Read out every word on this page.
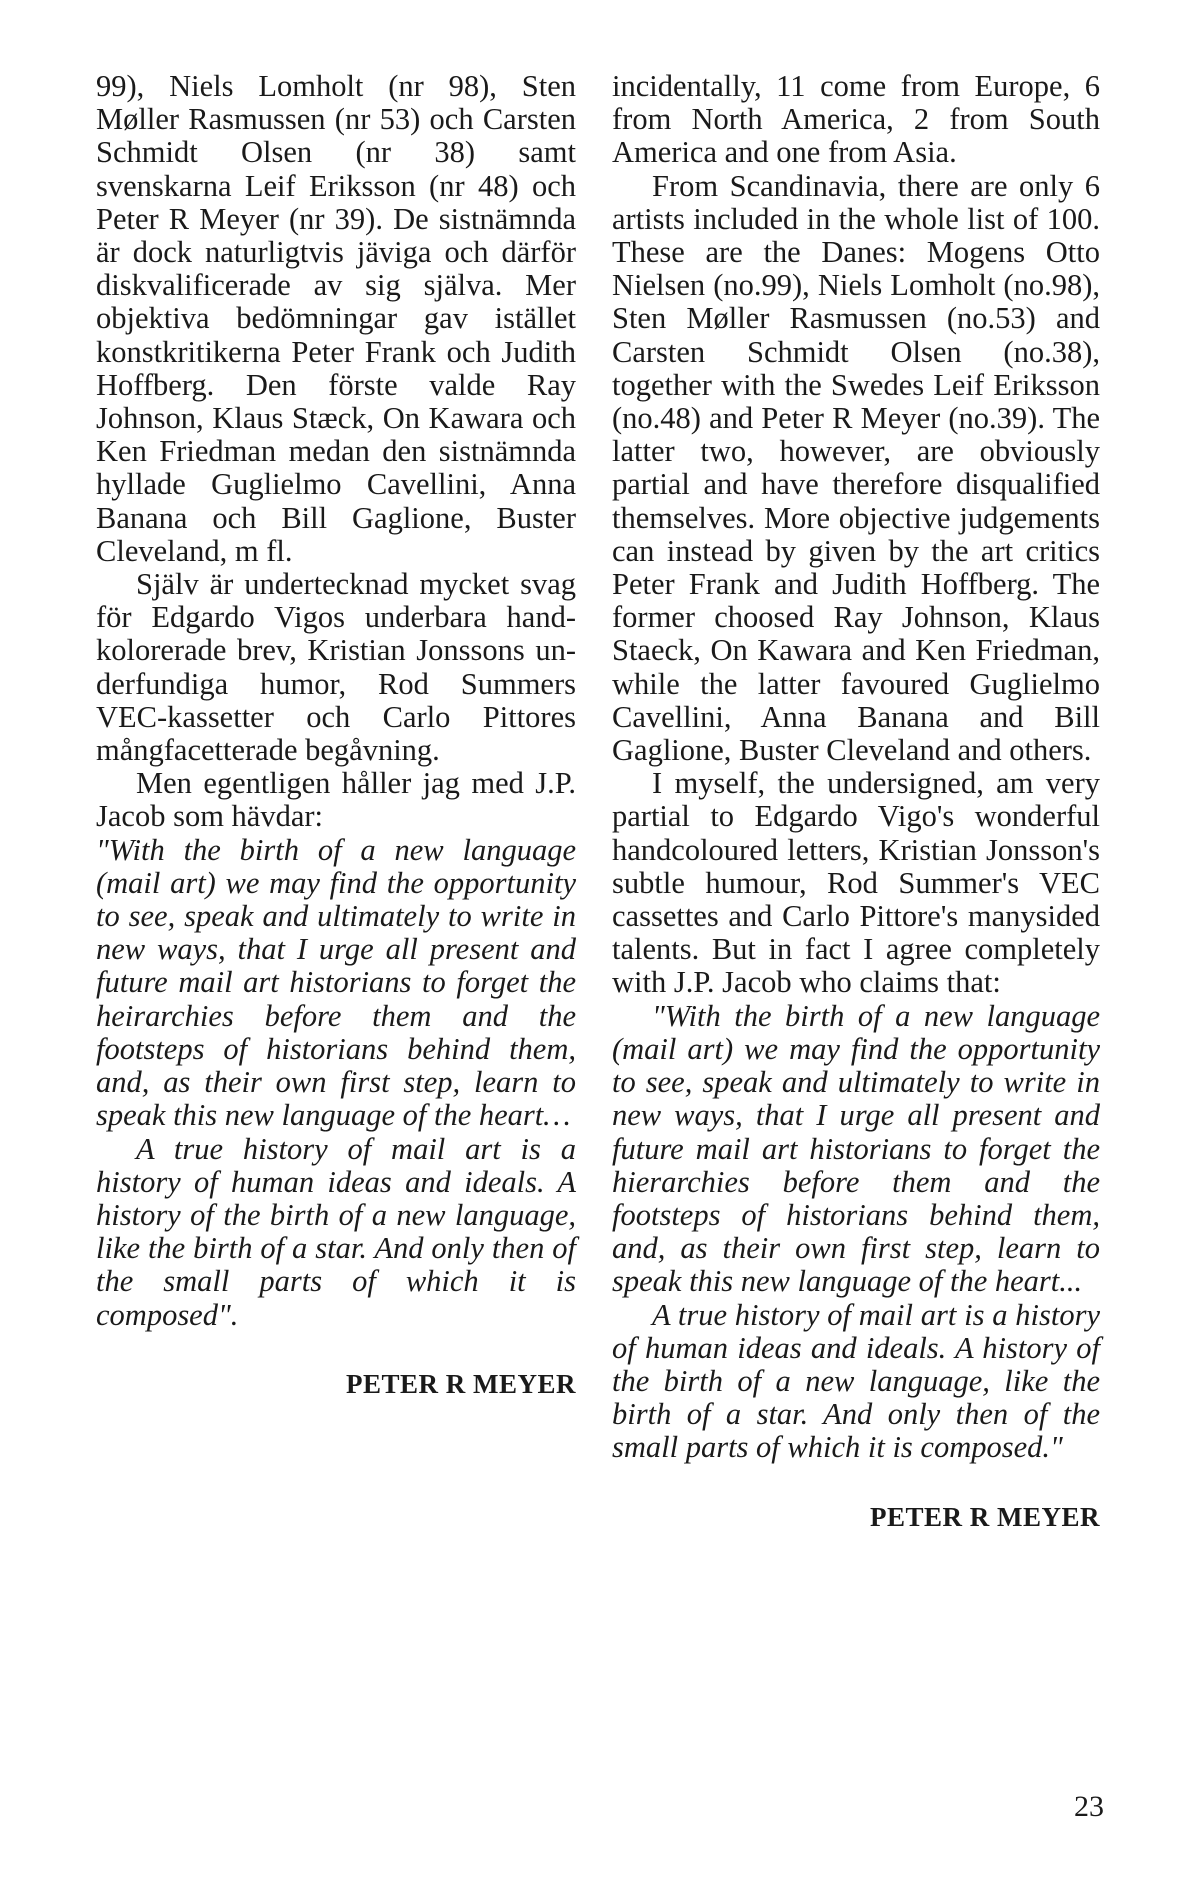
99), Niels Lomholt (nr 98), Sten Møller Rasmussen (nr 53) och Carsten Schmidt Olsen (nr 38) samt svenskarna Leif Eriksson (nr 48) och Peter R Meyer (nr 39). De sistnämnda är dock naturligtvis jäviga och därför diskvalificerade av sig själva. Mer objektiva bedömningar gav istället konstkritikerna Peter Frank och Judith Hoffberg. Den förste valde Ray Johnson, Klaus Stæck, On Kawara och Ken Friedman medan den sistnämnda hyllade Guglielmo Cavellini, Anna Banana och Bill Gaglione, Buster Cleveland, m fl.

Själv är undertecknad mycket svag för Edgardo Vigos underbara handkolorerade brev, Kristian Jonssons underfundiga humor, Rod Summers VEC-kassetter och Carlo Pittores mångfacetterade begåvning.

Men egentligen håller jag med J.P. Jacob som hävdar:

"With the birth of a new language (mail art) we may find the opportunity to see, speak and ultimately to write in new ways, that I urge all present and future mail art historians to forget the heirarchies before them and the footsteps of historians behind them, and, as their own first step, learn to speak this new language of the heart…

A true history of mail art is a history of human ideas and ideals. A history of the birth of a new language, like the birth of a star. And only then of the small parts of which it is composed".

PETER R MEYER

incidentally, 11 come from Europe, 6 from North America, 2 from South America and one from Asia.

From Scandinavia, there are only 6 artists included in the whole list of 100. These are the Danes: Mogens Otto Nielsen (no.99), Niels Lomholt (no.98), Sten Møller Rasmussen (no.53) and Carsten Schmidt Olsen (no.38), together with the Swedes Leif Eriksson (no.48) and Peter R Meyer (no.39). The latter two, however, are obviously partial and have therefore disqualified themselves. More objective judgements can instead by given by the art critics Peter Frank and Judith Hoffberg. The former choosed Ray Johnson, Klaus Staeck, On Kawara and Ken Friedman, while the latter favoured Guglielmo Cavellini, Anna Banana and Bill Gaglione, Buster Cleveland and others.

I myself, the undersigned, am very partial to Edgardo Vigo's wonderful handcoloured letters, Kristian Jonsson's subtle humour, Rod Summer's VEC cassettes and Carlo Pittore's manysided talents. But in fact I agree completely with J.P. Jacob who claims that:

"With the birth of a new language (mail art) we may find the opportunity to see, speak and ultimately to write in new ways, that I urge all present and future mail art historians to forget the hierarchies before them and the footsteps of historians behind them, and, as their own first step, learn to speak this new language of the heart...

A true history of mail art is a history of human ideas and ideals. A history of the birth of a new language, like the birth of a star. And only then of the small parts of which it is composed."

PETER R MEYER

23
